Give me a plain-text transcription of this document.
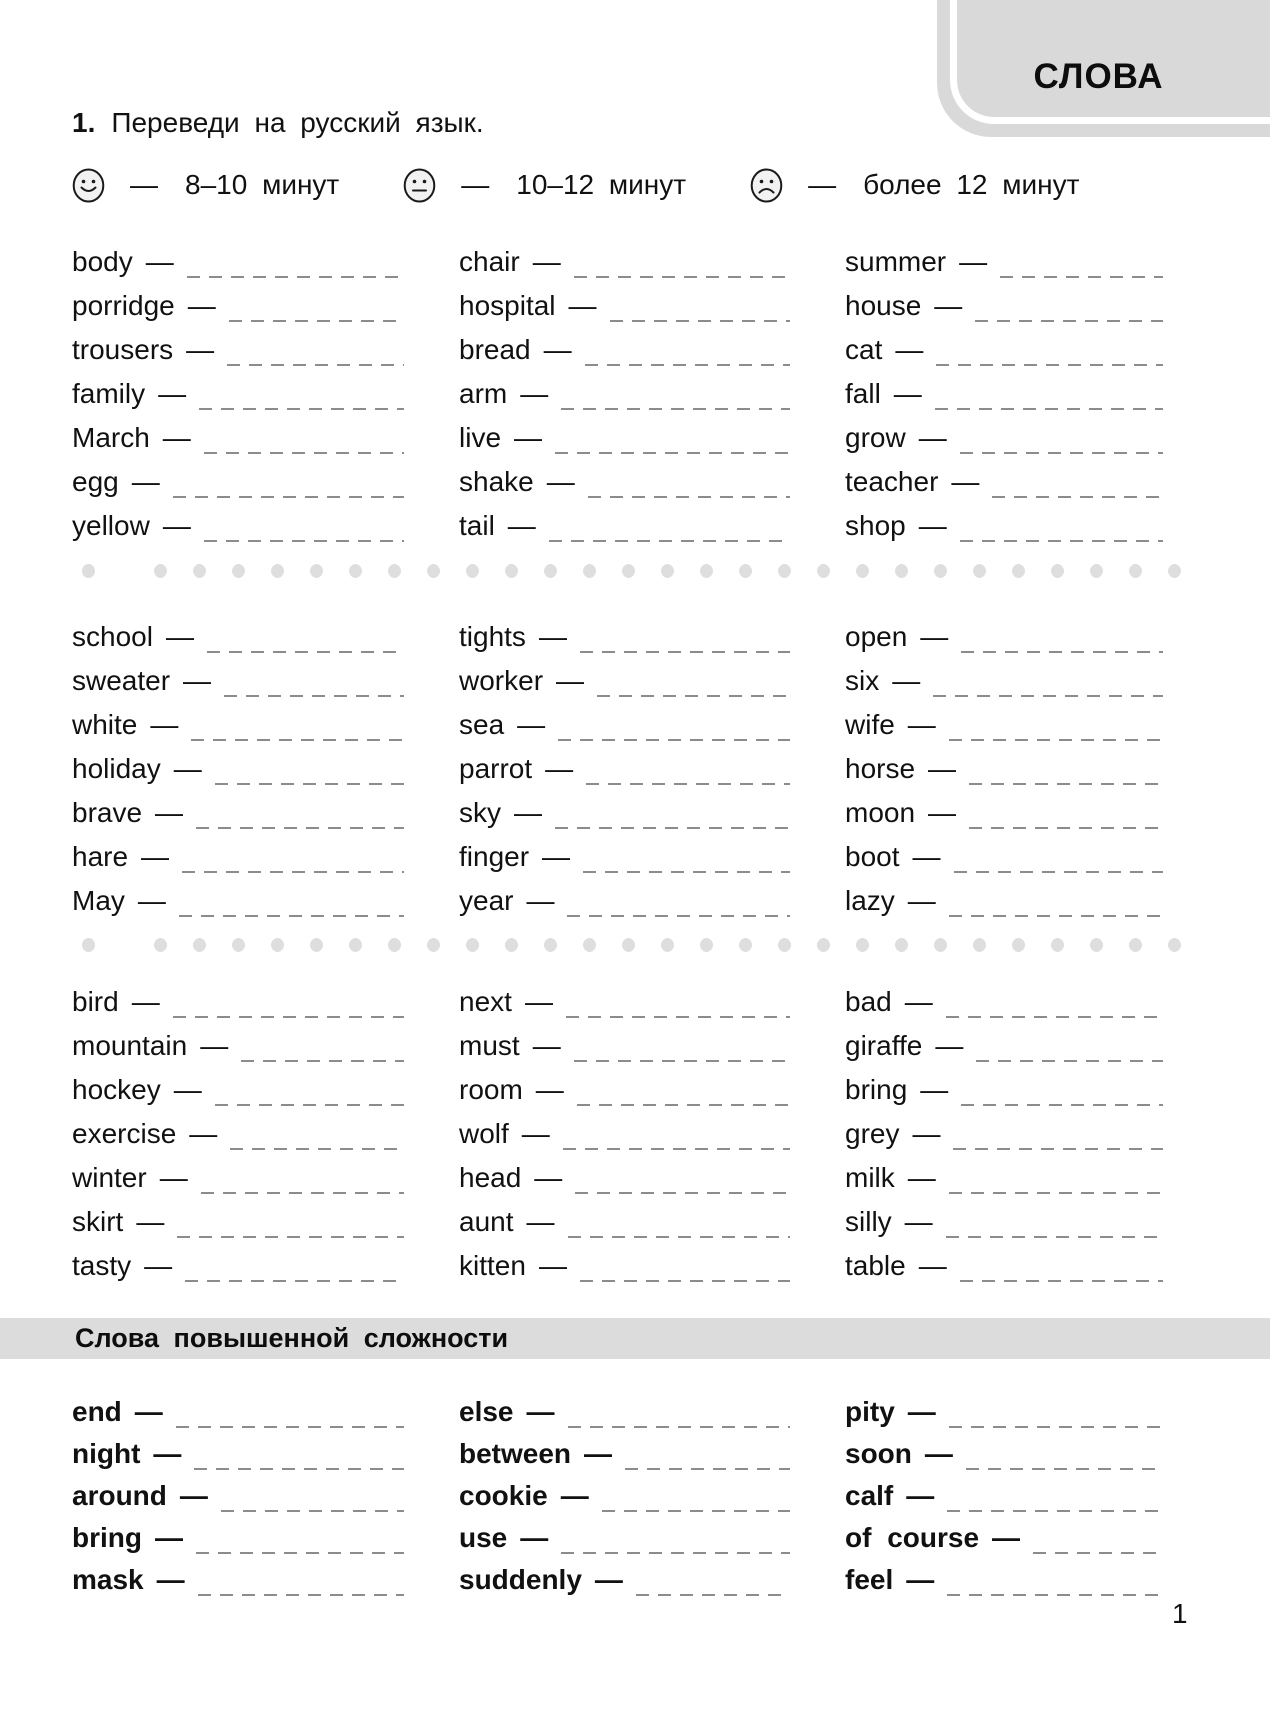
СЛОВА
1. Переведи на русский язык.
— 8–10 минут	— 10–12 минут	— более 12 минут
body —
porridge —
trousers —
family —
March —
egg —
yellow —
chair —
hospital —
bread —
arm —
live —
shake —
tail —
summer —
house —
cat —
fall —
grow —
teacher —
shop —
school —
sweater —
white —
holiday —
brave —
hare —
May —
tights —
worker —
sea —
parrot —
sky —
finger —
year —
open —
six —
wife —
horse —
moon —
boot —
lazy —
bird —
mountain —
hockey —
exercise —
winter —
skirt —
tasty —
next —
must —
room —
wolf —
head —
aunt —
kitten —
bad —
giraffe —
bring —
grey —
milk —
silly —
table —
Слова повышенной сложности
end —
night —
around —
bring —
mask —
else —
between —
cookie —
use —
suddenly —
pity —
soon —
calf —
of course —
feel —
1
